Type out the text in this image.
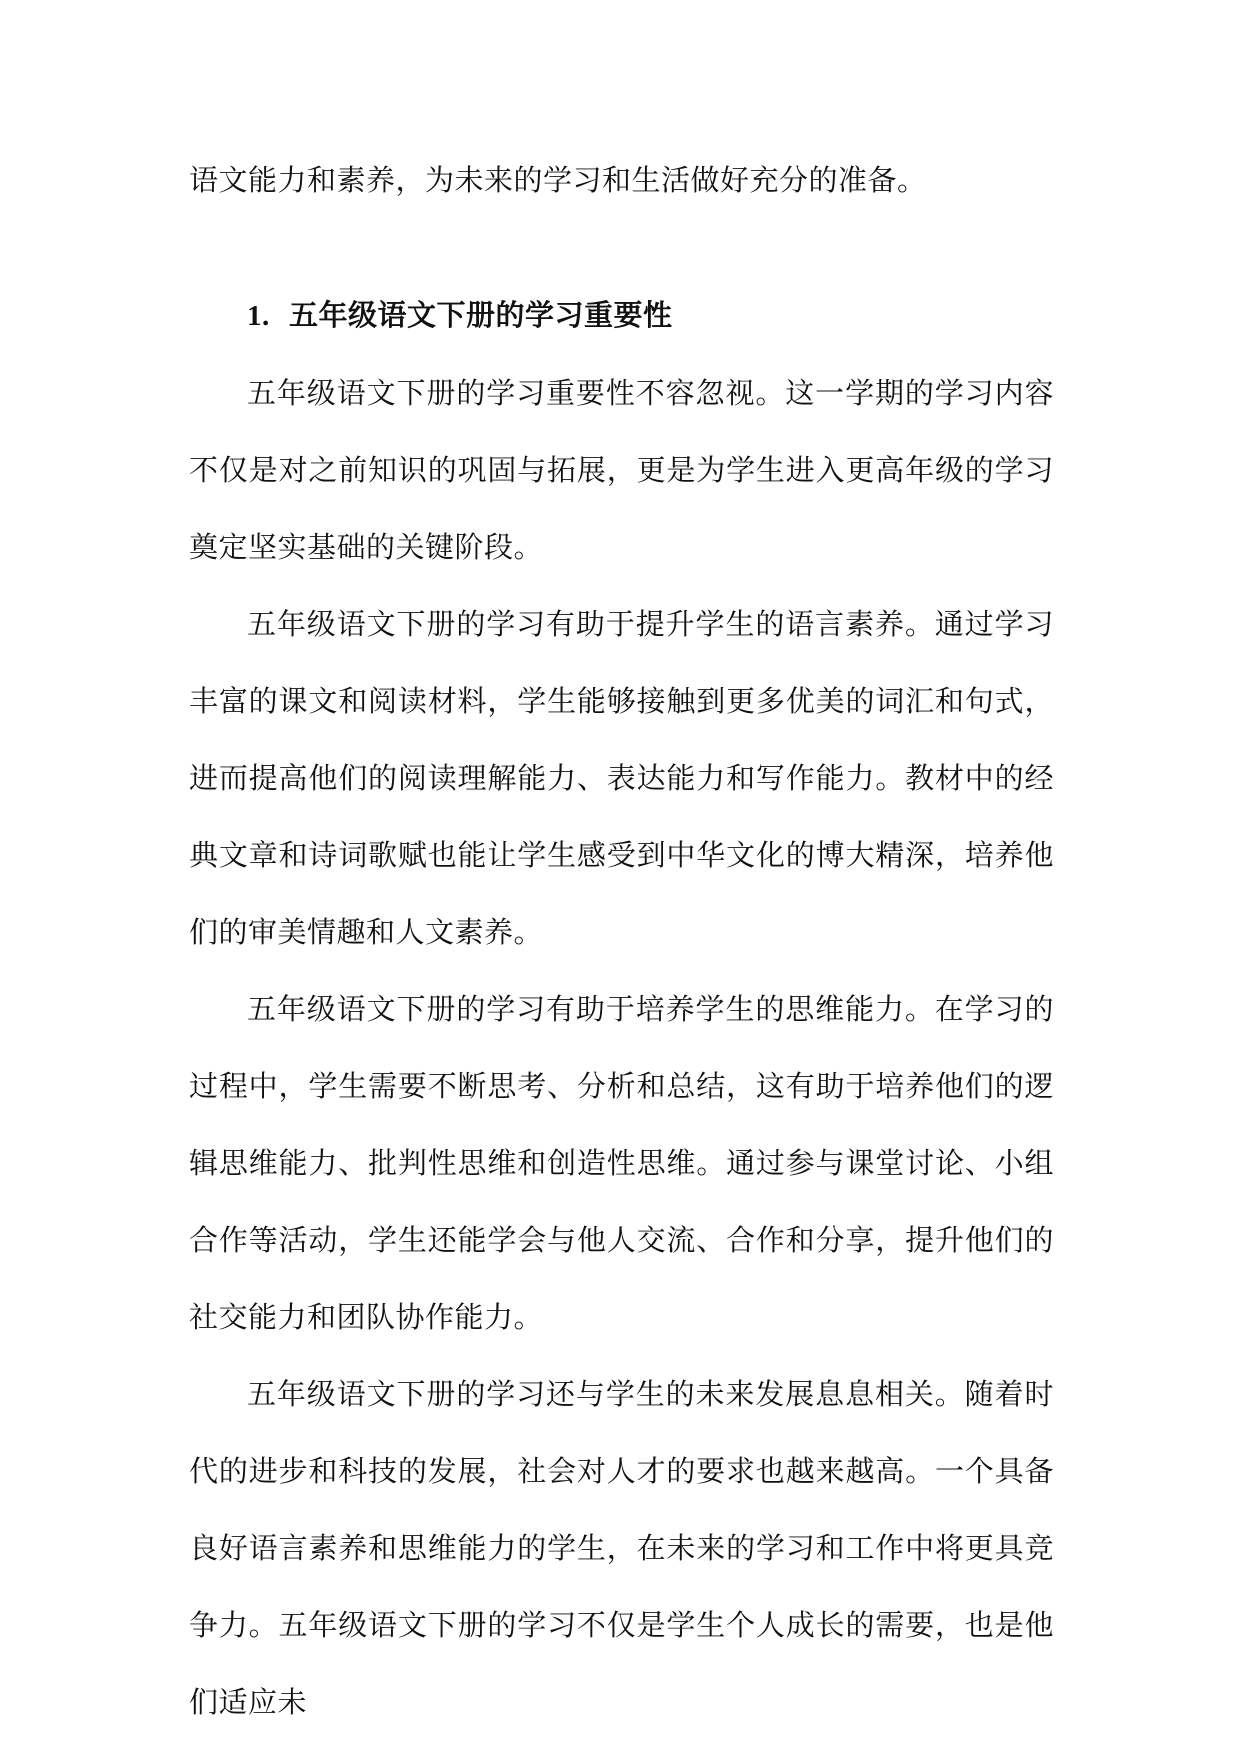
语文能力和素养，为未来的学习和生活做好充分的准备。

1. 五年级语文下册的学习重要性

五年级语文下册的学习重要性不容忽视。这一学期的学习内容不仅是对之前知识的巩固与拓展，更是为学生进入更高年级的学习奠定坚实基础的关键阶段。

五年级语文下册的学习有助于提升学生的语言素养。通过学习丰富的课文和阅读材料，学生能够接触到更多优美的词汇和句式，进而提高他们的阅读理解能力、表达能力和写作能力。教材中的经典文章和诗词歌赋也能让学生感受到中华文化的博大精深，培养他们的审美情趣和人文素养。

五年级语文下册的学习有助于培养学生的思维能力。在学习的过程中，学生需要不断思考、分析和总结，这有助于培养他们的逻辑思维能力、批判性思维和创造性思维。通过参与课堂讨论、小组合作等活动，学生还能学会与他人交流、合作和分享，提升他们的社交能力和团队协作能力。

五年级语文下册的学习还与学生的未来发展息息相关。随着时代的进步和科技的发展，社会对人才的要求也越来越高。一个具备良好语言素养和思维能力的学生，在未来的学习和工作中将更具竞争力。五年级语文下册的学习不仅是学生个人成长的需要，也是他们适应未
